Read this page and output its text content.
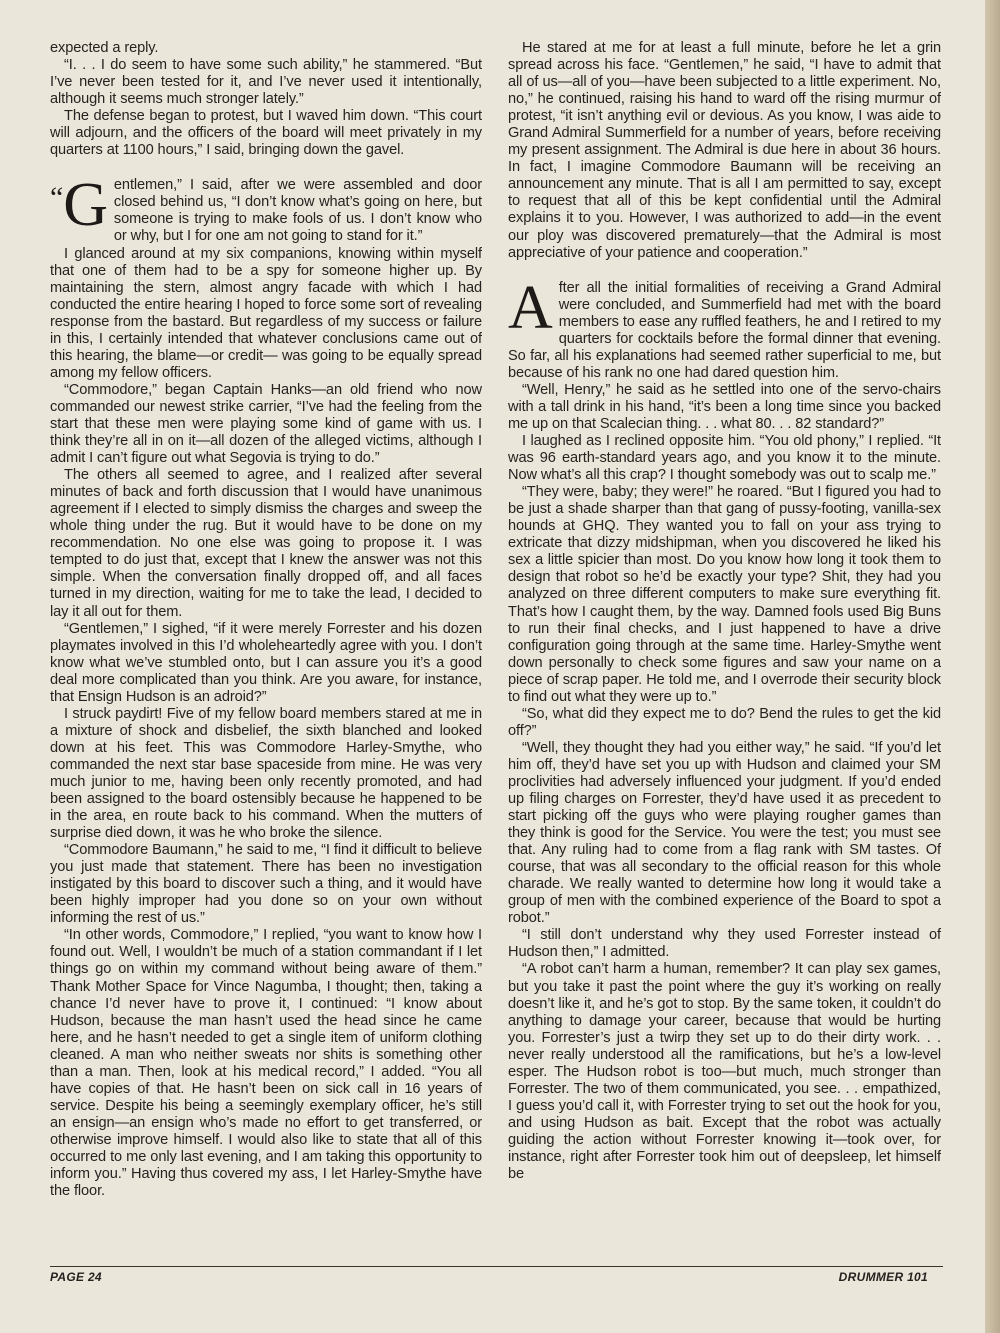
expected a reply.

“I. . . I do seem to have some such ability,” he stammered. “But I’ve never been tested for it, and I’ve never used it intentionally, although it seems much stronger lately.”

The defense began to protest, but I waved him down. “This court will adjourn, and the officers of the board will meet privately in my quarters at 1100 hours,” I said, bringing down the gavel.

“ G entlemen,” I said, after we were assembled and door closed behind us, “I don’t know what’s going on here, but someone is trying to make fools of us. I don’t know who or why, but I for one am not going to stand for it.”

I glanced around at my six companions, knowing within myself that one of them had to be a spy for someone higher up. By maintaining the stern, almost angry facade with which I had conducted the entire hearing I hoped to force some sort of revealing response from the bastard. But regardless of my success or failure in this, I certainly intended that whatever conclusions came out of this hearing, the blame—or credit— was going to be equally spread among my fellow officers.

“Commodore,” began Captain Hanks—an old friend who now commanded our newest strike carrier, “I’ve had the feeling from the start that these men were playing some kind of game with us. I think they’re all in on it—all dozen of the alleged victims, although I admit I can’t figure out what Segovia is trying to do.”

The others all seemed to agree, and I realized after several minutes of back and forth discussion that I would have unanimous agreement if I elected to simply dismiss the charges and sweep the whole thing under the rug. But it would have to be done on my recommendation. No one else was going to propose it. I was tempted to do just that, except that I knew the answer was not this simple. When the conversation finally dropped off, and all faces turned in my direction, waiting for me to take the lead, I decided to lay it all out for them.

“Gentlemen,” I sighed, “if it were merely Forrester and his dozen playmates involved in this I’d wholeheartedly agree with you. I don’t know what we’ve stumbled onto, but I can assure you it’s a good deal more complicated than you think. Are you aware, for instance, that Ensign Hudson is an adroid?”

I struck paydirt! Five of my fellow board members stared at me in a mixture of shock and disbelief, the sixth blanched and looked down at his feet. This was Commodore Harley-Smythe, who commanded the next star base spaceside from mine. He was very much junior to me, having been only recently promoted, and had been assigned to the board ostensibly because he happened to be in the area, en route back to his command. When the mutters of surprise died down, it was he who broke the silence.

“Commodore Baumann,” he said to me, “I find it difficult to believe you just made that statement. There has been no investigation instigated by this board to discover such a thing, and it would have been highly improper had you done so on your own without informing the rest of us.”

“In other words, Commodore,” I replied, “you want to know how I found out. Well, I wouldn’t be much of a station commandant if I let things go on within my command without being aware of them.” Thank Mother Space for Vince Nagumba, I thought; then, taking a chance I’d never have to prove it, I continued: “I know about Hudson, because the man hasn’t used the head since he came here, and he hasn’t needed to get a single item of uniform clothing cleaned. A man who neither sweats nor shits is something other than a man. Then, look at his medical record,” I added. “You all have copies of that. He hasn’t been on sick call in 16 years of service. Despite his being a seemingly exemplary officer, he’s still an ensign—an ensign who’s made no effort to get transferred, or otherwise improve himself. I would also like to state that all of this occurred to me only last evening, and I am taking this opportunity to inform you.” Having thus covered my ass, I let Harley-Smythe have the floor.

He stared at me for at least a full minute, before he let a grin spread across his face. “Gentlemen,” he said, “I have to admit that all of us—all of you—have been subjected to a little experiment. No, no,” he continued, raising his hand to ward off the rising murmur of protest, “it isn’t anything evil or devious. As you know, I was aide to Grand Admiral Summerfield for a number of years, before receiving my present assignment. The Admiral is due here in about 36 hours. In fact, I imagine Commodore Baumann will be receiving an announcement any minute. That is all I am permitted to say, except to request that all of this be kept confidential until the Admiral explains it to you. However, I was authorized to add—in the event our ploy was discovered prematurely—that the Admiral is most appreciative of your patience and cooperation.”

A fter all the initial formalities of receiving a Grand Admiral were concluded, and Summerfield had met with the board members to ease any ruffled feathers, he and I retired to my quarters for cocktails before the formal dinner that evening. So far, all his explanations had seemed rather superficial to me, but because of his rank no one had dared question him.

“Well, Henry,” he said as he settled into one of the servo-chairs with a tall drink in his hand, “it’s been a long time since you backed me up on that Scalecian thing. . . what 80. . . 82 standard?”

I laughed as I reclined opposite him. “You old phony,” I replied. “It was 96 earth-standard years ago, and you know it to the minute. Now what’s all this crap? I thought somebody was out to scalp me.”

“They were, baby; they were!” he roared. “But I figured you had to be just a shade sharper than that gang of pussy-footing, vanilla-sex hounds at GHQ. They wanted you to fall on your ass trying to extricate that dizzy midshipman, when you discovered he liked his sex a little spicier than most. Do you know how long it took them to design that robot so he’d be exactly your type? Shit, they had you analyzed on three different computers to make sure everything fit. That’s how I caught them, by the way. Damned fools used Big Buns to run their final checks, and I just happened to have a drive configuration going through at the same time. Harley-Smythe went down personally to check some figures and saw your name on a piece of scrap paper. He told me, and I overrode their security block to find out what they were up to.”

“So, what did they expect me to do? Bend the rules to get the kid off?”

“Well, they thought they had you either way,” he said. “If you’d let him off, they’d have set you up with Hudson and claimed your SM proclivities had adversely influenced your judgment. If you’d ended up filing charges on Forrester, they’d have used it as precedent to start picking off the guys who were playing rougher games than they think is good for the Service. You were the test; you must see that. Any ruling had to come from a flag rank with SM tastes. Of course, that was all secondary to the official reason for this whole charade. We really wanted to determine how long it would take a group of men with the combined experience of the Board to spot a robot.”

“I still don’t understand why they used Forrester instead of Hudson then,” I admitted.

“A robot can’t harm a human, remember? It can play sex games, but you take it past the point where the guy it’s working on really doesn’t like it, and he’s got to stop. By the same token, it couldn’t do anything to damage your career, because that would be hurting you. Forrester’s just a twirp they set up to do their dirty work. . . never really understood all the ramifications, but he’s a low-level esper. The Hudson robot is too—but much, much stronger than Forrester. The two of them communicated, you see. . . empathized, I guess you’d call it, with Forrester trying to set out the hook for you, and using Hudson as bait. Except that the robot was actually guiding the action without Forrester knowing it—took over, for instance, right after Forrester took him out of deepsleep, let himself be

PAGE 24	DRUMMER 101
